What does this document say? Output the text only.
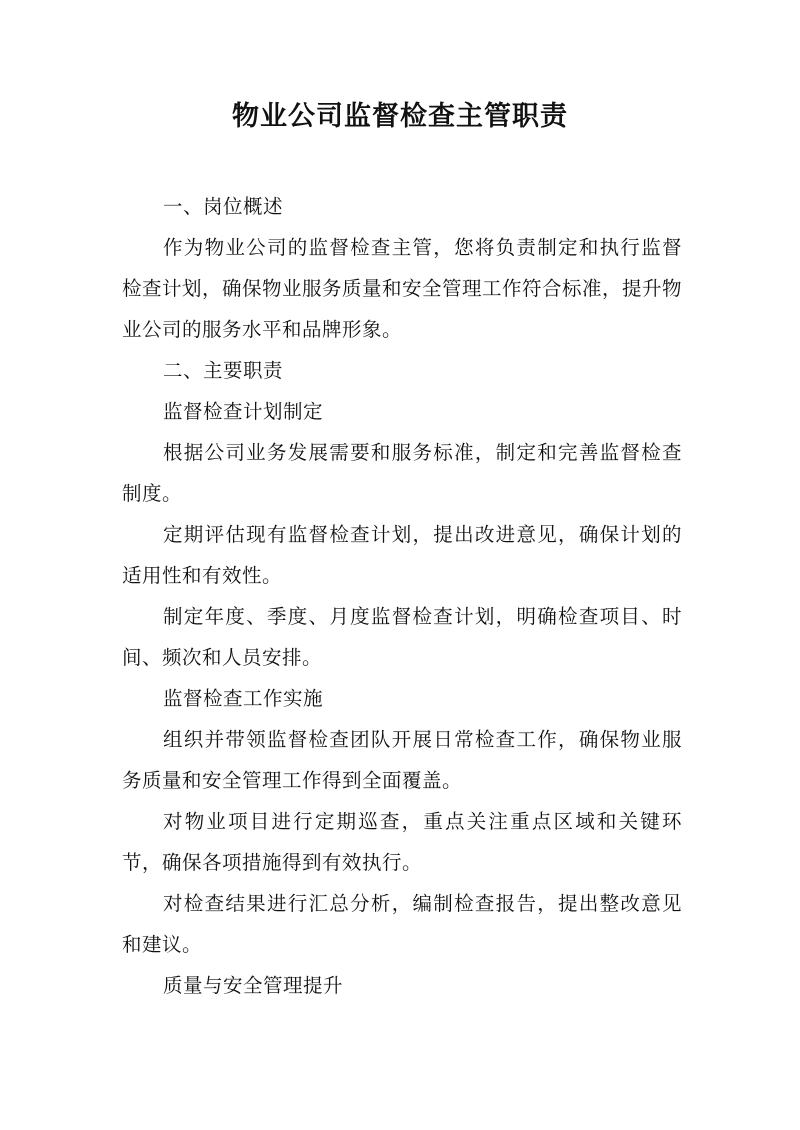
物业公司监督检查主管职责

一、岗位概述

作为物业公司的监督检查主管，您将负责制定和执行监督检查计划，确保物业服务质量和安全管理工作符合标准，提升物业公司的服务水平和品牌形象。

二、主要职责

监督检查计划制定

根据公司业务发展需要和服务标准，制定和完善监督检查制度。

定期评估现有监督检查计划，提出改进意见，确保计划的适用性和有效性。

制定年度、季度、月度监督检查计划，明确检查项目、时间、频次和人员安排。

监督检查工作实施

组织并带领监督检查团队开展日常检查工作，确保物业服务质量和安全管理工作得到全面覆盖。

对物业项目进行定期巡查，重点关注重点区域和关键环节，确保各项措施得到有效执行。

对检查结果进行汇总分析，编制检查报告，提出整改意见和建议。

质量与安全管理提升
